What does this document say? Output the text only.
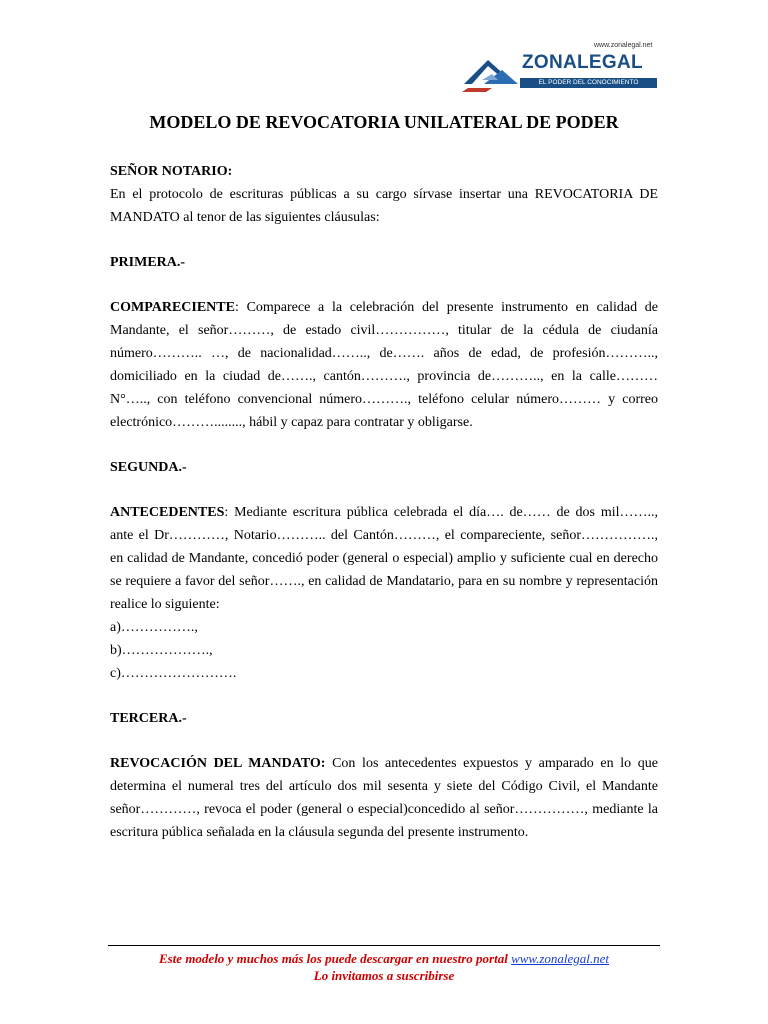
www.zonalegal.net
ZONALEGAL
EL PODER DEL CONOCIMIENTO
MODELO DE REVOCATORIA UNILATERAL DE PODER

SEÑOR NOTARIO:

En el protocolo de escrituras públicas a su cargo sírvase insertar una REVOCATORIA DE MANDATO al tenor de las siguientes cláusulas:

PRIMERA.-

COMPARECIENTE: Comparece a la celebración del presente instrumento en calidad de Mandante, el señor………, de estado civil……………, titular de la cédula de ciudanía número……….. …, de nacionalidad…….., de……. años de edad, de profesión……….., domiciliado en la ciudad de……., cantón………., provincia de……….., en la calle……… N°….., con teléfono convencional número………., teléfono celular número……… y correo electrónico………........, hábil y capaz para contratar y obligarse.

SEGUNDA.-

ANTECEDENTES: Mediante escritura pública celebrada el día…. de…… de dos mil…….., ante el Dr…………, Notario……….. del Cantón………, el compareciente, señor……………., en calidad de Mandante, concedió poder (general o especial) amplio y suficiente cual en derecho se requiere a favor del señor……., en calidad de Mandatario, para en su nombre y representación realice lo siguiente:

a)…………….,

b)……………….,

c)…………………….

TERCERA.-

REVOCACIÓN DEL MANDATO: Con los antecedentes expuestos y amparado en lo que determina el numeral tres del artículo dos mil sesenta y siete del Código Civil, el Mandante señor…………, revoca el poder (general o especial)concedido al señor……………, mediante la escritura pública señalada en la cláusula segunda del presente instrumento.

Este modelo y muchos más los puede descargar en nuestro portal www.zonalegal.net
Lo invitamos a suscribirse
